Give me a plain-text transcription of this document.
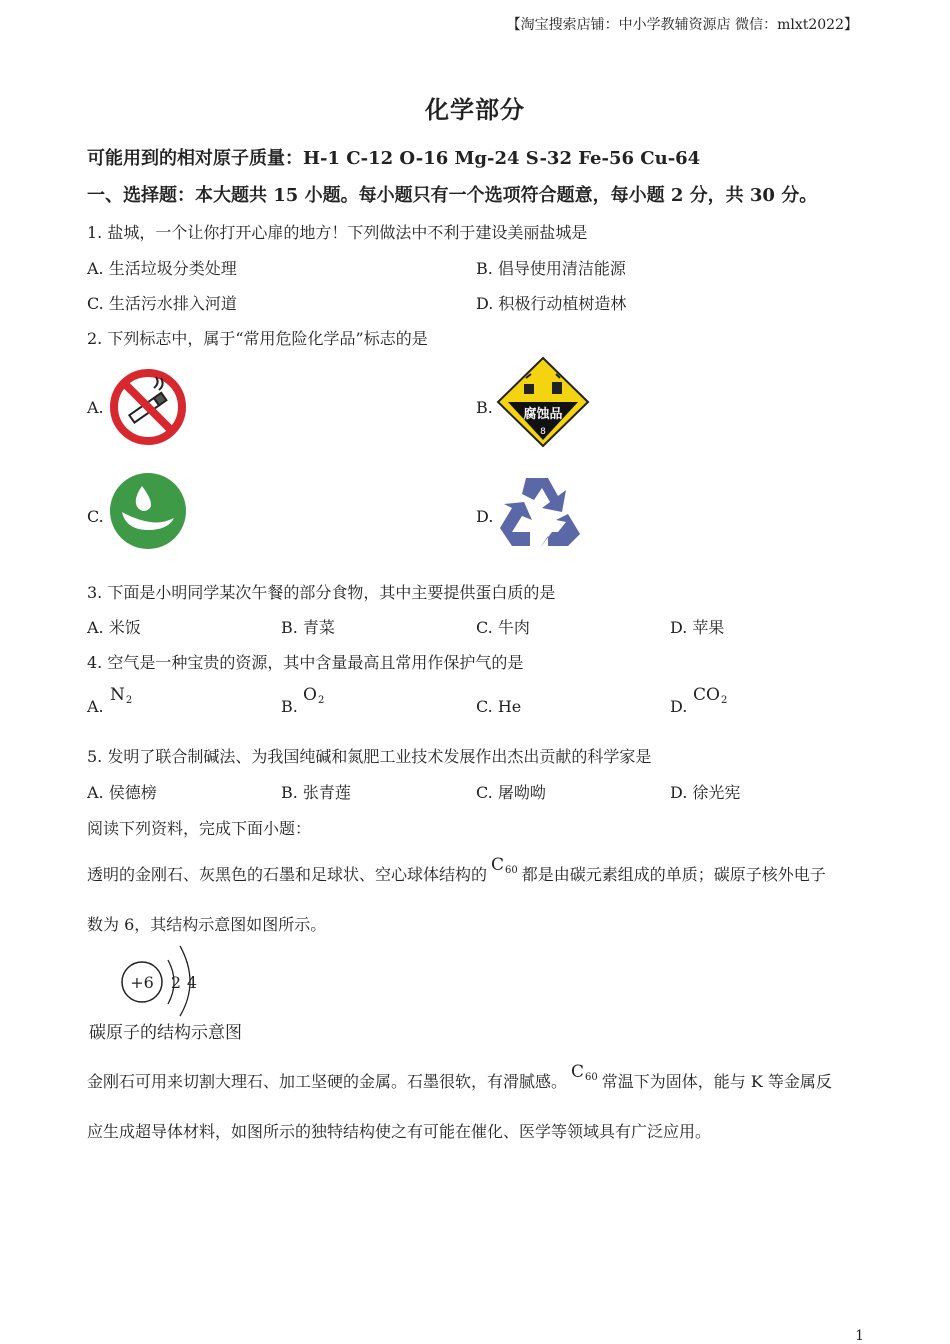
【淘宝搜索店铺：中小学教辅资源店 微信：mlxt2022】
化学部分
可能用到的相对原子质量：H-1 C-12 O-16 Mg-24 S-32 Fe-56 Cu-64
一、选择题：本大题共 15 小题。每小题只有一个选项符合题意，每小题 2 分，共 30 分。
1. 盐城，一个让你打开心扉的地方！下列做法中不利于建设美丽盐城是
A. 生活垃圾分类处理	B. 倡导使用清洁能源
C. 生活污水排入河道	D. 积极行动植树造林
2. 下列标志中，属于“常用危险化学品”标志的是
A.	B. 腐蚀品
8
C.	D.
3. 下面是小明同学某次午餐的部分食物，其中主要提供蛋白质的是
A. 米饭	B. 青菜	C. 牛肉	D. 苹果
4. 空气是一种宝贵的资源，其中含量最高且常用作保护气的是
A.
$N_2$	B.
$O_2$	C. He	D.
$CO_2$
5. 发明了联合制碱法、为我国纯碱和氮肥工业技术发展作出杰出贡献的科学家是
A. 侯德榜	B. 张青莲	C. 屠呦呦	D. 徐光宪
阅读下列资料，完成下面小题：
透明的金刚石、灰黑色的石墨和足球状、空心球体结构的 $C_{60}$ 都是由碳元素组成的单质；碳原子核外电子
数为 6，其结构示意图如图所示。
+6 2 4
碳原子的结构示意图
金刚石可用来切割大理石、加工坚硬的金属。石墨很软，有滑腻感。 $C_{60}$ 常温下为固体，能与 K 等金属反
应生成超导体材料，如图所示的独特结构使之有可能在催化、医学等领域具有广泛应用。
1
